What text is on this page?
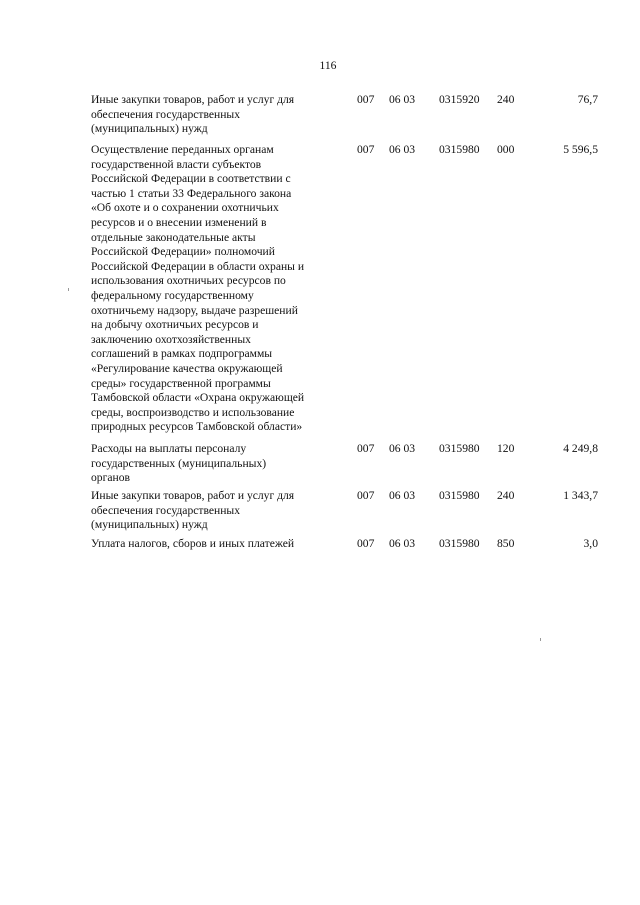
116
Иные закупки товаров, работ и услуг для
обеспечения государственных
(муниципальных) нужд
007 06 03 0315920 240	76,7
Осуществление переданных органам
государственной власти субъектов
Российской Федерации в соответствии с
частью 1 статьи 33 Федерального закона
«Об охоте и о сохранении охотничьих
ресурсов и о внесении изменений в
отдельные законодательные акты
Российской Федерации» полномочий
Российской Федерации в области охраны и
использования охотничьих ресурсов по
федеральному государственному
охотничьему надзору, выдаче разрешений
на добычу охотничьих ресурсов и
заключению охотхозяйственных
соглашений в рамках подпрограммы
«Регулирование качества окружающей
среды» государственной программы
Тамбовской области «Охрана окружающей
среды, воспроизводство и использование
природных ресурсов Тамбовской области»
007 06 03 0315980 000	5 596,5
Расходы на выплаты персоналу
государственных (муниципальных)
органов
007 06 03 0315980 120	4 249,8
Иные закупки товаров, работ и услуг для
обеспечения государственных
(муниципальных) нужд
007 06 03 0315980 240	1 343,7
Уплата налогов, сборов и иных платежей	007 06 03 0315980 850	3,0
